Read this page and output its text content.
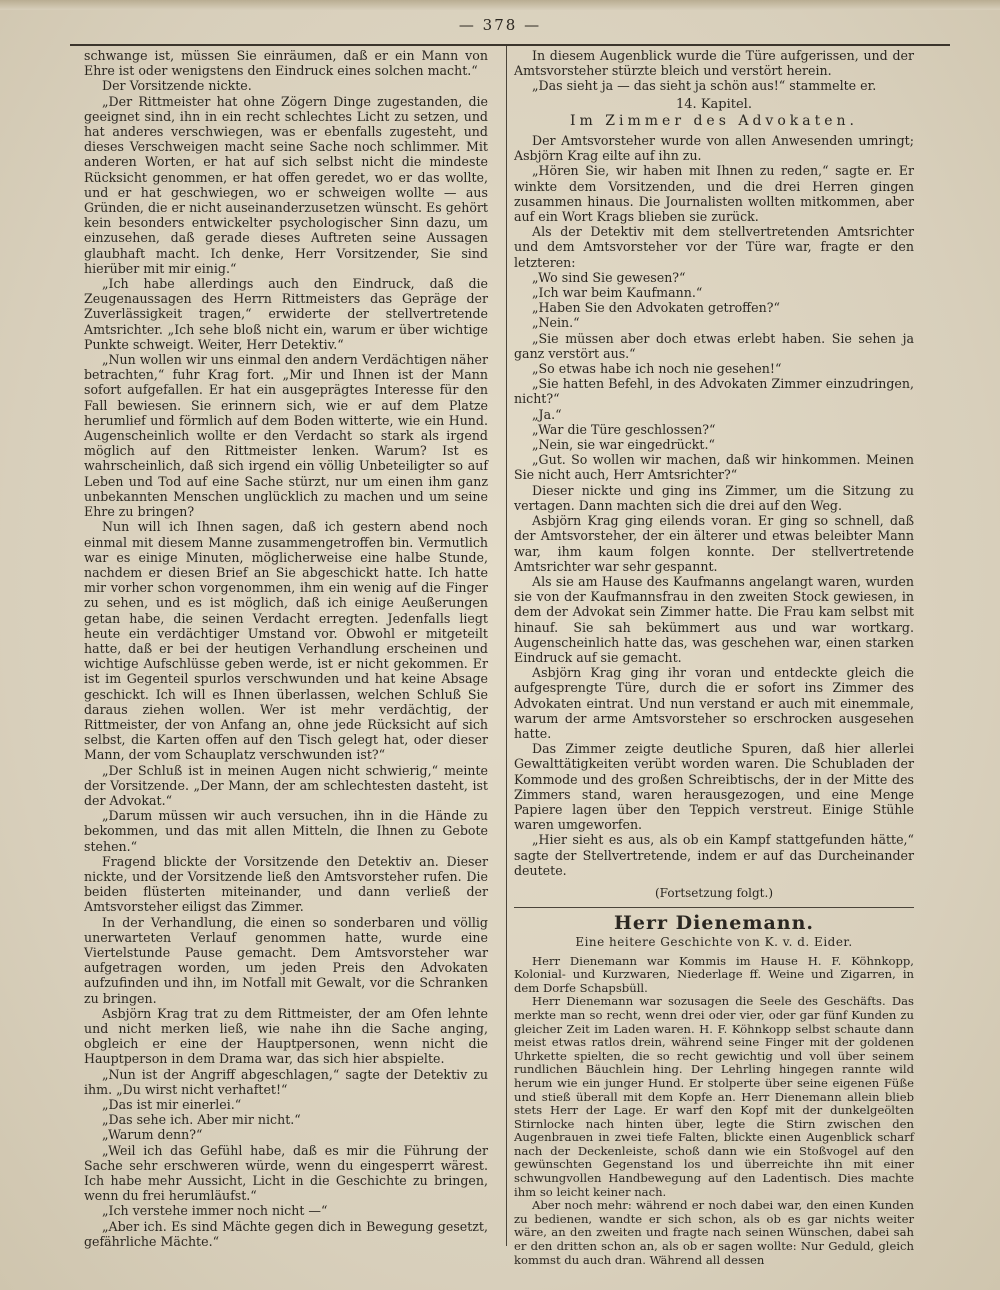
— 378 —

schwange ist, müssen Sie einräumen, daß er ein Mann von Ehre ist oder wenigstens den Eindruck eines solchen macht.“

Der Vorsitzende nickte.

„Der Rittmeister hat ohne Zögern Dinge zugestanden, die geeignet sind, ihn in ein recht schlechtes Licht zu setzen, und hat anderes verschwiegen, was er ebenfalls zugesteht, und dieses Verschweigen macht seine Sache noch schlimmer. Mit anderen Worten, er hat auf sich selbst nicht die mindeste Rücksicht genommen, er hat offen geredet, wo er das wollte, und er hat geschwiegen, wo er schweigen wollte — aus Gründen, die er nicht auseinanderzusetzen wünscht. Es gehört kein besonders entwickelter psychologischer Sinn dazu, um einzusehen, daß gerade dieses Auftreten seine Aussagen glaubhaft macht. Ich denke, Herr Vorsitzender, Sie sind hierüber mit mir einig.“

„Ich habe allerdings auch den Eindruck, daß die Zeugenaussagen des Herrn Rittmeisters das Gepräge der Zuverlässigkeit tragen,“ erwiderte der stellvertretende Amtsrichter. „Ich sehe bloß nicht ein, warum er über wichtige Punkte schweigt. Weiter, Herr Detektiv.“

„Nun wollen wir uns einmal den andern Verdächtigen näher betrachten,“ fuhr Krag fort. „Mir und Ihnen ist der Mann sofort aufgefallen. Er hat ein ausgeprägtes Interesse für den Fall bewiesen. Sie erinnern sich, wie er auf dem Platze herumlief und förmlich auf dem Boden witterte, wie ein Hund. Augenscheinlich wollte er den Verdacht so stark als irgend möglich auf den Rittmeister lenken. Warum? Ist es wahrscheinlich, daß sich irgend ein völlig Unbeteiligter so auf Leben und Tod auf eine Sache stürzt, nur um einen ihm ganz unbekannten Menschen unglücklich zu machen und um seine Ehre zu bringen?

Nun will ich Ihnen sagen, daß ich gestern abend noch einmal mit diesem Manne zusammengetroffen bin. Vermutlich war es einige Minuten, möglicherweise eine halbe Stunde, nachdem er diesen Brief an Sie abgeschickt hatte. Ich hatte mir vorher schon vorgenommen, ihm ein wenig auf die Finger zu sehen, und es ist möglich, daß ich einige Aeußerungen getan habe, die seinen Verdacht erregten. Jedenfalls liegt heute ein verdächtiger Umstand vor. Obwohl er mitgeteilt hatte, daß er bei der heutigen Verhandlung erscheinen und wichtige Aufschlüsse geben werde, ist er nicht gekommen. Er ist im Gegenteil spurlos verschwunden und hat keine Absage geschickt. Ich will es Ihnen überlassen, welchen Schluß Sie daraus ziehen wollen. Wer ist mehr verdächtig, der Rittmeister, der von Anfang an, ohne jede Rücksicht auf sich selbst, die Karten offen auf den Tisch gelegt hat, oder dieser Mann, der vom Schauplatz verschwunden ist?“

„Der Schluß ist in meinen Augen nicht schwierig,“ meinte der Vorsitzende. „Der Mann, der am schlechtesten dasteht, ist der Advokat.“

„Darum müssen wir auch versuchen, ihn in die Hände zu bekommen, und das mit allen Mitteln, die Ihnen zu Gebote stehen.“

Fragend blickte der Vorsitzende den Detektiv an. Dieser nickte, und der Vorsitzende ließ den Amtsvorsteher rufen. Die beiden flüsterten miteinander, und dann verließ der Amtsvorsteher eiligst das Zimmer.

In der Verhandlung, die einen so sonderbaren und völlig unerwarteten Verlauf genommen hatte, wurde eine Viertelstunde Pause gemacht. Dem Amtsvorsteher war aufgetragen worden, um jeden Preis den Advokaten aufzufinden und ihn, im Notfall mit Gewalt, vor die Schranken zu bringen.

Asbjörn Krag trat zu dem Rittmeister, der am Ofen lehnte und nicht merken ließ, wie nahe ihn die Sache anging, obgleich er eine der Hauptpersonen, wenn nicht die Hauptperson in dem Drama war, das sich hier abspielte.

„Nun ist der Angriff abgeschlagen,“ sagte der Detektiv zu ihm. „Du wirst nicht verhaftet!“

„Das ist mir einerlei.“

„Das sehe ich. Aber mir nicht.“

„Warum denn?“

„Weil ich das Gefühl habe, daß es mir die Führung der Sache sehr erschweren würde, wenn du eingesperrt wärest. Ich habe mehr Aussicht, Licht in die Geschichte zu bringen, wenn du frei herumläufst.“

„Ich verstehe immer noch nicht —“

„Aber ich. Es sind Mächte gegen dich in Bewegung gesetzt, gefährliche Mächte.“

In diesem Augenblick wurde die Türe aufgerissen, und der Amtsvorsteher stürzte bleich und verstört herein.

„Das sieht ja — das sieht ja schön aus!“ stammelte er.

14. Kapitel.
Im Zimmer des Advokaten.

Der Amtsvorsteher wurde von allen Anwesenden umringt; Asbjörn Krag eilte auf ihn zu.

„Hören Sie, wir haben mit Ihnen zu reden,“ sagte er. Er winkte dem Vorsitzenden, und die drei Herren gingen zusammen hinaus. Die Journalisten wollten mitkommen, aber auf ein Wort Krags blieben sie zurück.

Als der Detektiv mit dem stellvertretenden Amtsrichter und dem Amtsvorsteher vor der Türe war, fragte er den letzteren:

„Wo sind Sie gewesen?“

„Ich war beim Kaufmann.“

„Haben Sie den Advokaten getroffen?“

„Nein.“

„Sie müssen aber doch etwas erlebt haben. Sie sehen ja ganz verstört aus.“

„So etwas habe ich noch nie gesehen!“

„Sie hatten Befehl, in des Advokaten Zimmer einzudringen, nicht?“

„Ja.“

„War die Türe geschlossen?“

„Nein, sie war eingedrückt.“

„Gut. So wollen wir machen, daß wir hinkommen. Meinen Sie nicht auch, Herr Amtsrichter?“

Dieser nickte und ging ins Zimmer, um die Sitzung zu vertagen. Dann machten sich die drei auf den Weg.

Asbjörn Krag ging eilends voran. Er ging so schnell, daß der Amtsvorsteher, der ein älterer und etwas beleibter Mann war, ihm kaum folgen konnte. Der stellvertretende Amtsrichter war sehr gespannt.

Als sie am Hause des Kaufmanns angelangt waren, wurden sie von der Kaufmannsfrau in den zweiten Stock gewiesen, in dem der Advokat sein Zimmer hatte. Die Frau kam selbst mit hinauf. Sie sah bekümmert aus und war wortkarg. Augenscheinlich hatte das, was geschehen war, einen starken Eindruck auf sie gemacht.

Asbjörn Krag ging ihr voran und entdeckte gleich die aufgesprengte Türe, durch die er sofort ins Zimmer des Advokaten eintrat. Und nun verstand er auch mit einemmale, warum der arme Amtsvorsteher so erschrocken ausgesehen hatte.

Das Zimmer zeigte deutliche Spuren, daß hier allerlei Gewalttätigkeiten verübt worden waren. Die Schubladen der Kommode und des großen Schreibtischs, der in der Mitte des Zimmers stand, waren herausgezogen, und eine Menge Papiere lagen über den Teppich verstreut. Einige Stühle waren umgeworfen.

„Hier sieht es aus, als ob ein Kampf stattgefunden hätte,“ sagte der Stellvertretende, indem er auf das Durcheinander deutete.

(Fortsetzung folgt.)
Herr Dienemann.
Eine heitere Geschichte von K. v. d. Eider.

Herr Dienemann war Kommis im Hause H. F. Köhnkopp, Kolonial- und Kurzwaren, Niederlage ff. Weine und Zigarren, in dem Dorfe Schapsbüll.

Herr Dienemann war sozusagen die Seele des Geschäfts. Das merkte man so recht, wenn drei oder vier, oder gar fünf Kunden zu gleicher Zeit im Laden waren. H. F. Köhnkopp selbst schaute dann meist etwas ratlos drein, während seine Finger mit der goldenen Uhrkette spielten, die so recht gewichtig und voll über seinem rundlichen Bäuchlein hing. Der Lehrling hingegen rannte wild herum wie ein junger Hund. Er stolperte über seine eigenen Füße und stieß überall mit dem Kopfe an. Herr Dienemann allein blieb stets Herr der Lage. Er warf den Kopf mit der dunkelgeölten Stirnlocke nach hinten über, legte die Stirn zwischen den Augenbrauen in zwei tiefe Falten, blickte einen Augenblick scharf nach der Deckenleiste, schoß dann wie ein Stoßvogel auf den gewünschten Gegenstand los und überreichte ihn mit einer schwungvollen Handbewegung auf den Ladentisch. Dies machte ihm so leicht keiner nach.

Aber noch mehr: während er noch dabei war, den einen Kunden zu bedienen, wandte er sich schon, als ob es gar nichts weiter wäre, an den zweiten und fragte nach seinen Wünschen, dabei sah er den dritten schon an, als ob er sagen wollte: Nur Geduld, gleich kommst du auch dran. Während all dessen
